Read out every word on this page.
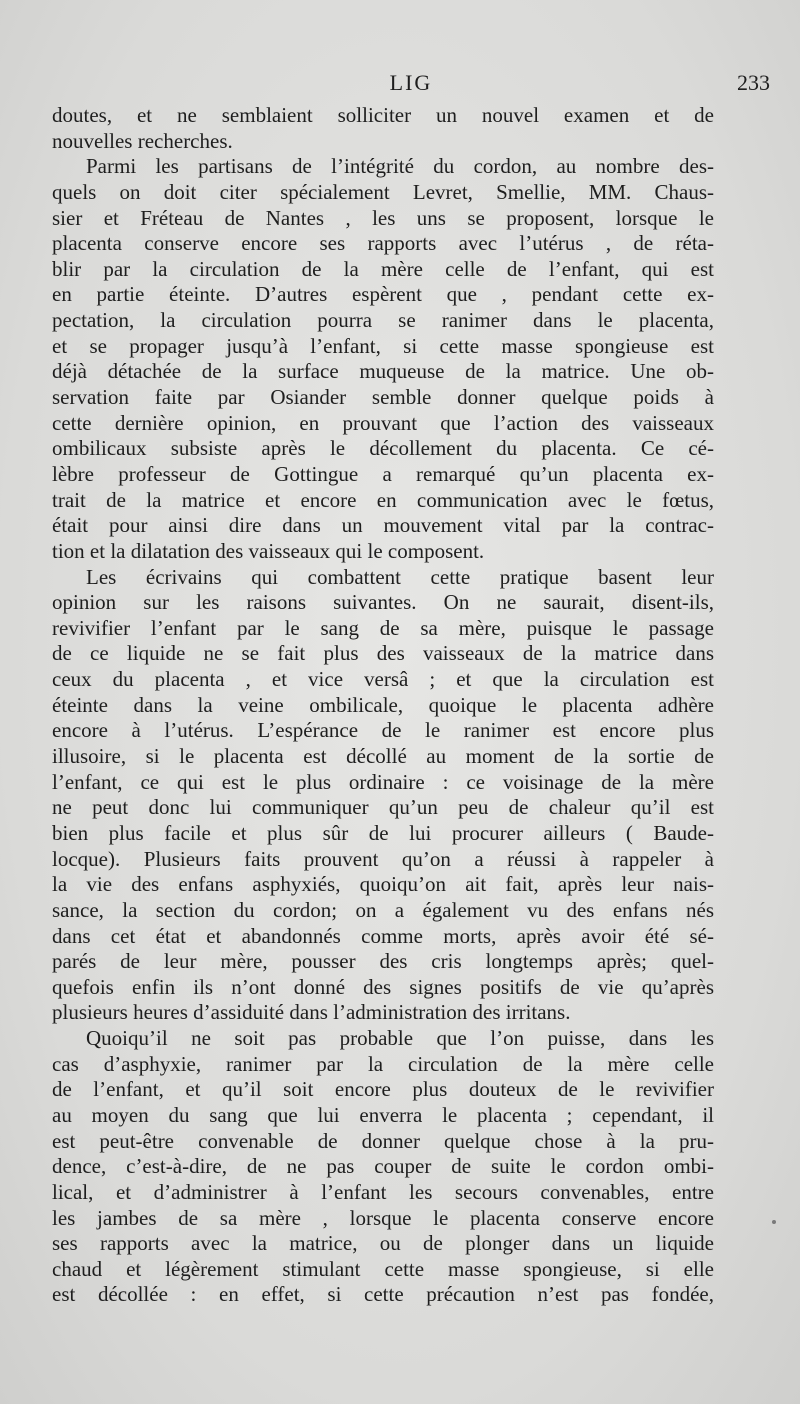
LIG	233
doutes, et ne semblaient solliciter un nouvel examen et de
nouvelles recherches.
Parmi les partisans de l’intégrité du cordon, au nombre des-
quels on doit citer spécialement Levret, Smellie, MM. Chaus-
sier et Fréteau de Nantes , les uns se proposent, lorsque le
placenta conserve encore ses rapports avec l’utérus , de réta-
blir par la circulation de la mère celle de l’enfant, qui est
en partie éteinte. D’autres espèrent que , pendant cette ex-
pectation, la circulation pourra se ranimer dans le placenta,
et se propager jusqu’à l’enfant, si cette masse spongieuse est
déjà détachée de la surface muqueuse de la matrice. Une ob-
servation faite par Osiander semble donner quelque poids à
cette dernière opinion, en prouvant que l’action des vaisseaux
ombilicaux subsiste après le décollement du placenta. Ce cé-
lèbre professeur de Gottingue a remarqué qu’un placenta ex-
trait de la matrice et encore en communication avec le fœtus,
était pour ainsi dire dans un mouvement vital par la contrac-
tion et la dilatation des vaisseaux qui le composent.
Les écrivains qui combattent cette pratique basent leur
opinion sur les raisons suivantes. On ne saurait, disent-ils,
revivifier l’enfant par le sang de sa mère, puisque le passage
de ce liquide ne se fait plus des vaisseaux de la matrice dans
ceux du placenta , et vice versâ ; et que la circulation est
éteinte dans la veine ombilicale, quoique le placenta adhère
encore à l’utérus. L’espérance de le ranimer est encore plus
illusoire, si le placenta est décollé au moment de la sortie de
l’enfant, ce qui est le plus ordinaire : ce voisinage de la mère
ne peut donc lui communiquer qu’un peu de chaleur qu’il est
bien plus facile et plus sûr de lui procurer ailleurs ( Baude-
locque). Plusieurs faits prouvent qu’on a réussi à rappeler à
la vie des enfans asphyxiés, quoiqu’on ait fait, après leur nais-
sance, la section du cordon; on a également vu des enfans nés
dans cet état et abandonnés comme morts, après avoir été sé-
parés de leur mère, pousser des cris longtemps après; quel-
quefois enfin ils n’ont donné des signes positifs de vie qu’après
plusieurs heures d’assiduité dans l’administration des irritans.
Quoiqu’il ne soit pas probable que l’on puisse, dans les
cas d’asphyxie, ranimer par la circulation de la mère celle
de l’enfant, et qu’il soit encore plus douteux de le revivifier
au moyen du sang que lui enverra le placenta ; cependant, il
est peut-être convenable de donner quelque chose à la pru-
dence, c’est-à-dire, de ne pas couper de suite le cordon ombi-
lical, et d’administrer à l’enfant les secours convenables, entre
les jambes de sa mère , lorsque le placenta conserve encore
ses rapports avec la matrice, ou de plonger dans un liquide
chaud et légèrement stimulant cette masse spongieuse, si elle
est décollée : en effet, si cette précaution n’est pas fondée,
